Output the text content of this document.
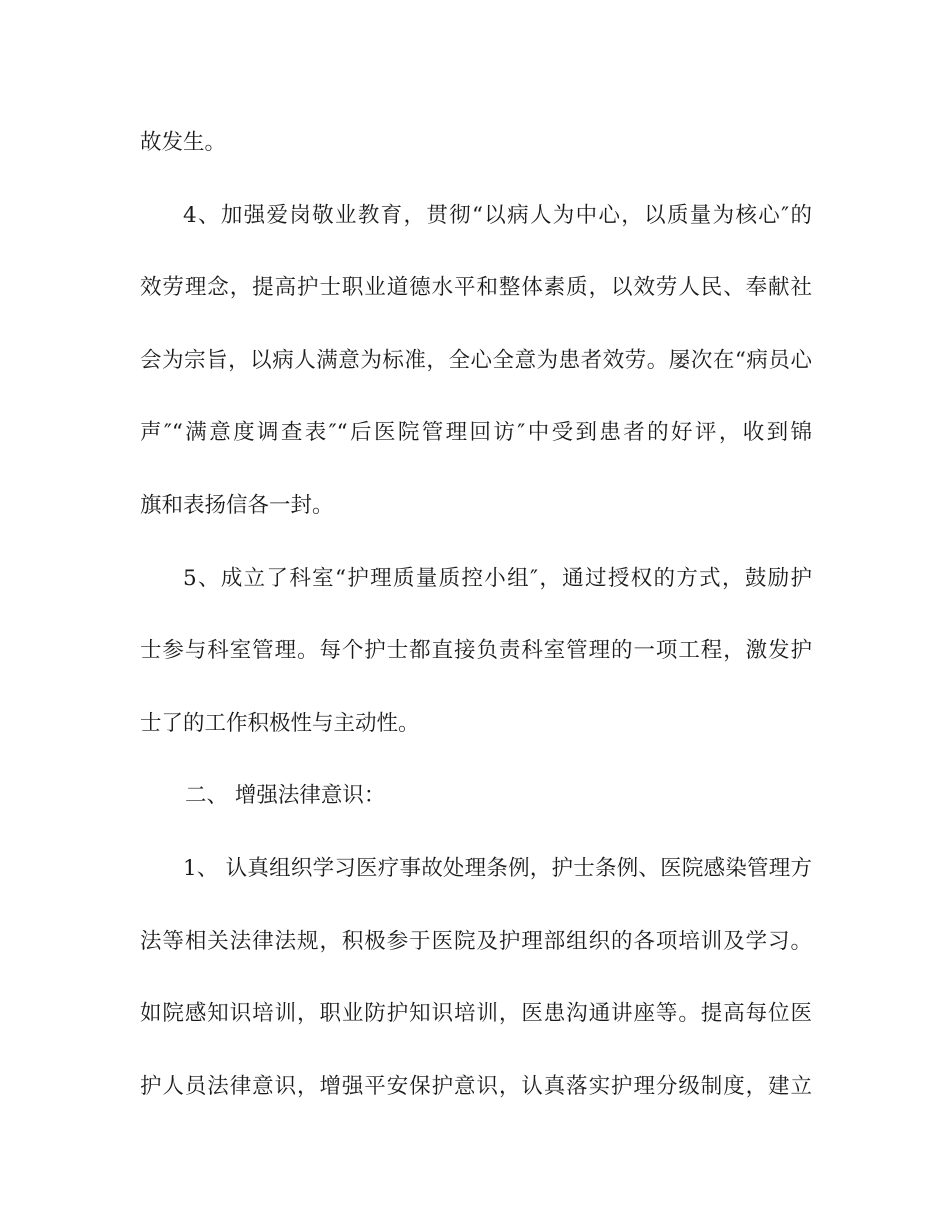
故发生。
4、加强爱岗敬业教育，贯彻“以病人为中心，以质量为核心″的
效劳理念，提高护士职业道德水平和整体素质，以效劳人民、奉献社
会为宗旨，以病人满意为标准，全心全意为患者效劳。屡次在“病员心
声″“满意度调查表″“后医院管理回访″中受到患者的好评，收到锦
旗和表扬信各一封。
5、成立了科室“护理质量质控小组″，通过授权的方式，鼓励护
士参与科室管理。每个护士都直接负责科室管理的一项工程，激发护
士了的工作积极性与主动性。
二、 增强法律意识：
1、 认真组织学习医疗事故处理条例，护士条例、医院感染管理方
法等相关法律法规，积极参于医院及护理部组织的各项培训及学习。
如院感知识培训，职业防护知识培训，医患沟通讲座等。提高每位医
护人员法律意识，增强平安保护意识，认真落实护理分级制度，建立
